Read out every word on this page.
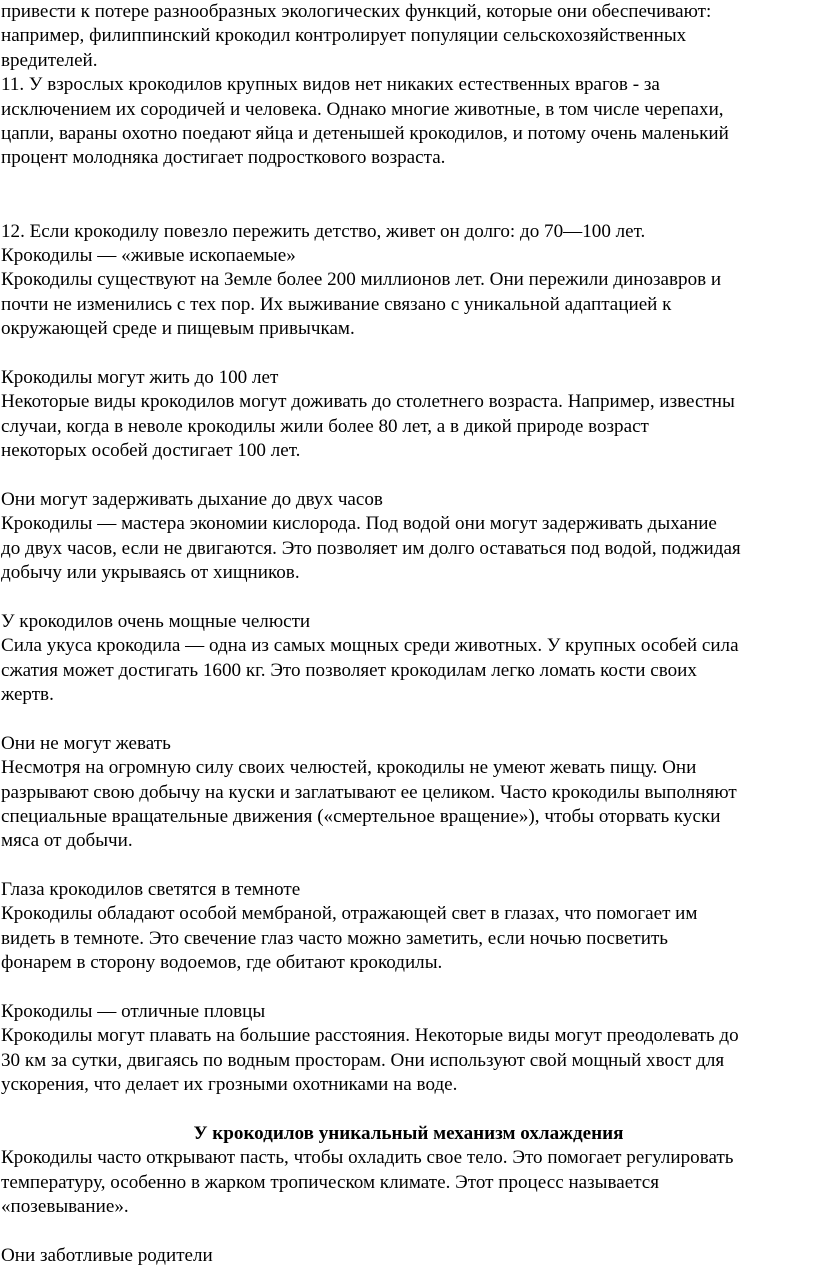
привести к потере разнообразных экологических функций, которые они обеспечивают:
например, филиппинский крокодил контролирует популяции сельскохозяйственных
вредителей.
11. У взрослых крокодилов крупных видов нет никаких естественных врагов - за
исключением их сородичей и человека. Однако многие животные, в том числе черепахи,
цапли, вараны охотно поедают яйца и детенышей крокодилов, и потому очень маленький
процент молодняка достигает подросткового возраста.
12. Если крокодилу повезло пережить детство, живет он долго: до 70—100 лет.
Крокодилы — «живые ископаемые»
Крокодилы существуют на Земле более 200 миллионов лет. Они пережили динозавров и
почти не изменились с тех пор. Их выживание связано с уникальной адаптацией к
окружающей среде и пищевым привычкам.
Крокодилы могут жить до 100 лет
Некоторые виды крокодилов могут доживать до столетнего возраста. Например, известны
случаи, когда в неволе крокодилы жили более 80 лет, а в дикой природе возраст
некоторых особей достигает 100 лет.
Они могут задерживать дыхание до двух часов
Крокодилы — мастера экономии кислорода. Под водой они могут задерживать дыхание
до двух часов, если не двигаются. Это позволяет им долго оставаться под водой, поджидая
добычу или укрываясь от хищников.
У крокодилов очень мощные челюсти
Сила укуса крокодила — одна из самых мощных среди животных. У крупных особей сила
сжатия может достигать 1600 кг. Это позволяет крокодилам легко ломать кости своих
жертв.
Они не могут жевать
Несмотря на огромную силу своих челюстей, крокодилы не умеют жевать пищу. Они
разрывают свою добычу на куски и заглатывают ее целиком. Часто крокодилы выполняют
специальные вращательные движения («смертельное вращение»), чтобы оторвать куски
мяса от добычи.
Глаза крокодилов светятся в темноте
Крокодилы обладают особой мембраной, отражающей свет в глазах, что помогает им
видеть в темноте. Это свечение глаз часто можно заметить, если ночью посветить
фонарем в сторону водоемов, где обитают крокодилы.
Крокодилы — отличные пловцы
Крокодилы могут плавать на большие расстояния. Некоторые виды могут преодолевать до
30 км за сутки, двигаясь по водным просторам. Они используют свой мощный хвост для
ускорения, что делает их грозными охотниками на воде.
У крокодилов уникальный механизм охлаждения
Крокодилы часто открывают пасть, чтобы охладить свое тело. Это помогает регулировать
температуру, особенно в жарком тропическом климате. Этот процесс называется
«позевывание».
Они заботливые родители
